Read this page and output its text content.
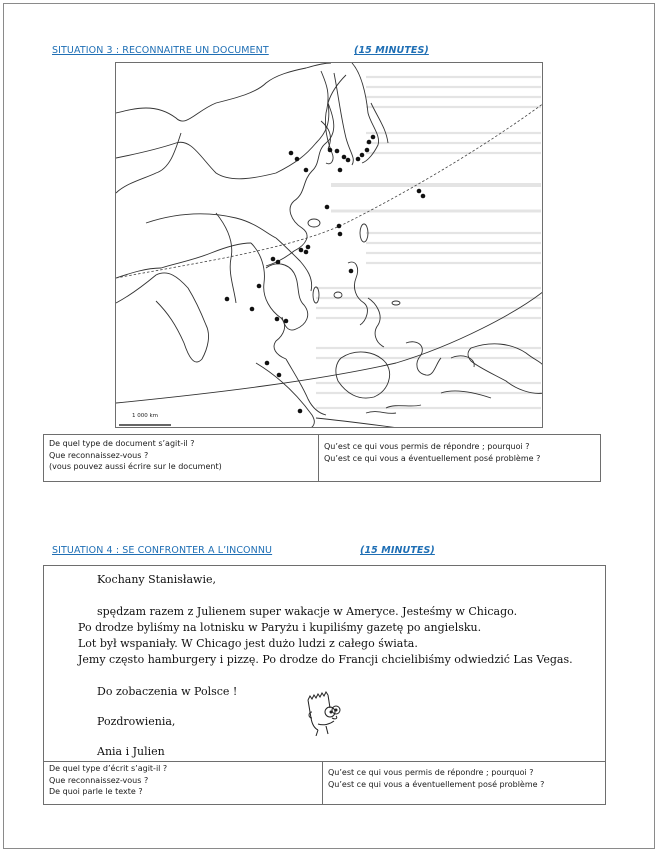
SITUATION 3 : RECONNAITRE UN DOCUMENT	(15 MINUTES)
1 000 km
De quel type de document s’agit-il ?
Que reconnaissez-vous ?
(vous pouvez aussi écrire sur le document)
Qu’est ce qui vous permis de répondre ; pourquoi ?
Qu’est ce qui vous a éventuellement posé problème ?
SITUATION 4 : SE CONFRONTER A L’INCONNU	(15 MINUTES)
Kochany Stanisławie,
spędzam razem z Julienem super wakacje w Ameryce. Jesteśmy w Chicago.
Po drodze byliśmy na lotnisku w Paryżu i kupiliśmy gazetę po angielsku.
Lot był wspaniały. W Chicago jest dużo ludzi z całego świata.
Jemy często hamburgery i pizzę. Po drodze do Francji chcielibiśmy odwiedzić Las Vegas.
Do zobaczenia w Polsce !
Pozdrowienia,
Ania i Julien
De quel type d’écrit s’agit-il ?
Que reconnaissez-vous ?
De quoi parle le texte ?
Qu’est ce qui vous permis de répondre ; pourquoi ?
Qu’est ce qui vous a éventuellement posé problème ?
